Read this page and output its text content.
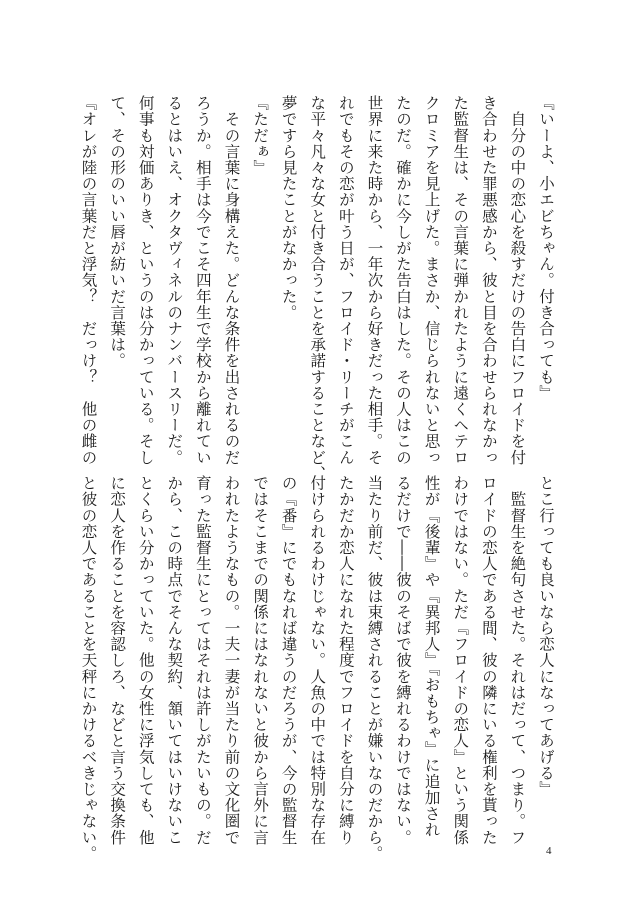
『いーよ、小エビちゃん。付き合っても』
　自分の中の恋心を殺すだけの告白にフロイドを付
き合わせた罪悪感から、彼と目を合わせられなかっ
た監督生は、その言葉に弾かれたように遠くヘテロ
クロミアを見上げた。まさか、信じられないと思っ
たのだ。確かに今しがた告白はした。その人はこの
世界に来た時から、一年次から好きだった相手。そ
れでもその恋が叶う日が、フロイド・リーチがこん
な平々凡々な女と付き合うことを承諾することなど、
夢ですら見たことがなかった。
『ただぁ』
　その言葉に身構えた。どんな条件を出されるのだ
ろうか。相手は今でこそ四年生で学校から離れてい
るとはいえ、オクタヴィネルのナンバースリーだ。
何事も対価ありき、というのは分かっている。そし
て、その形のいい唇が紡いだ言葉は。
『オレが陸の言葉だと浮気？　だっけ？　他の雌の
とこ行っても良いなら恋人になってあげる』
　監督生を絶句させた。それはだって、つまり。フ
ロイドの恋人である間、彼の隣にいる権利を貰った
わけではない。ただ『フロイドの恋人』という関係
性が『後輩』や『異邦人』『おもちゃ』に追加され
るだけで――彼のそばで彼を縛れるわけではない。
当たり前だ、彼は束縛されることが嫌いなのだから。
たかだか恋人になれた程度でフロイドを自分に縛り
付けられるわけじゃない。人魚の中では特別な存在
の『番』にでもなれば違うのだろうが、今の監督生
ではそこまでの関係にはなれないと彼から言外に言
われたようなもの。一夫一妻が当たり前の文化圏で
育った監督生にとってはそれは許しがたいもの。だ
から、この時点でそんな契約、頷いてはいけないこ
とくらい分かっていた。他の女性に浮気しても、他
に恋人を作ることを容認しろ、などと言う交換条件
と彼の恋人であることを天秤にかけるべきじゃない。	4
